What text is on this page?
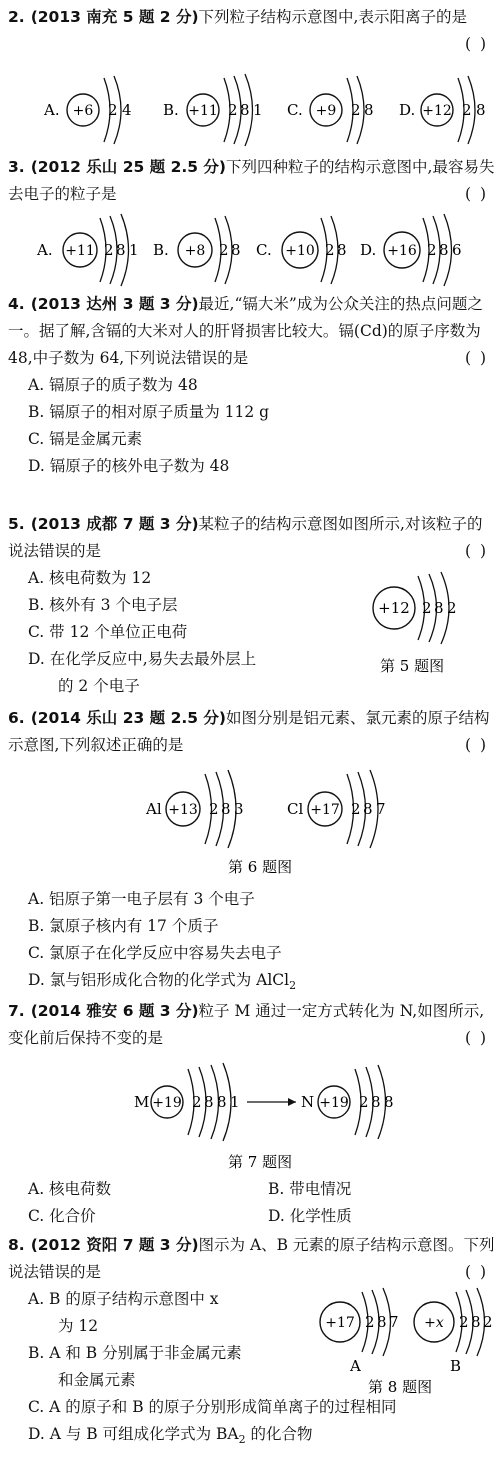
2. (2013 南充 5 题 2 分)下列粒子结构示意图中,表示阳离子的是
( )

A. +6 2 4 B. +11 2 8 1 C. +9 2 8 D. +12 2 8

3. (2012 乐山 25 题 2.5 分)下列四种粒子的结构示意图中,最容易失去电子的粒子是	( )

A. +11 2 8 1 B. +8 2 8 C. +10 2 8 D. +16 2 8 6

4. (2013 达州 3 题 3 分)最近,“镉大米”成为公众关注的热点问题之一。据了解,含镉的大米对人的肝肾损害比较大。镉(Cd)的原子序数为 48,中子数为 64,下列说法错误的是	( )

A. 镉原子的质子数为 48
B. 镉原子的相对原子质量为 112 g
C. 镉是金属元素
D. 镉原子的核外电子数为 48

5. (2013 成都 7 题 3 分)某粒子的结构示意图如图所示,对该粒子的说法错误的是	( )

A. 核电荷数为 12
B. 核外有 3 个电子层
C. 带 12 个单位正电荷
D. 在化学反应中,易失去最外层上
的 2 个电子
+12 2 8 2
第 5 题图

6. (2014 乐山 23 题 2.5 分)如图分别是铝元素、氯元素的原子结构示意图,下列叙述正确的是	( )

Al +13 2 8 3	Cl +17 2 8 7
第 6 题图
A. 铝原子第一电子层有 3 个电子
B. 氯原子核内有 17 个质子
C. 氯原子在化学反应中容易失去电子
D. 氯与铝形成化合物的化学式为 AlCl$_2$

7. (2014 雅安 6 题 3 分)粒子 M 通过一定方式转化为 N,如图所示,变化前后保持不变的是	( )

M +19 2 8 8 1	N +19 2 8 8
第 7 题图
A. 核电荷数	B. 带电情况
C. 化合价	D. 化学性质

8. (2012 资阳 7 题 3 分)图示为 A、B 元素的原子结构示意图。下列说法错误的是	( )

A. B 的原子结构示意图中 x
为 12
B. A 和 B 分别属于非金属元素
和金属元素
C. A 的原子和 B 的原子分别形成简单离子的过程相同
D. A 与 B 可组成化学式为 $BA_2$ 的化合物
+17 2 8 7
A
+x 2 8 2
B
第 8 题图
